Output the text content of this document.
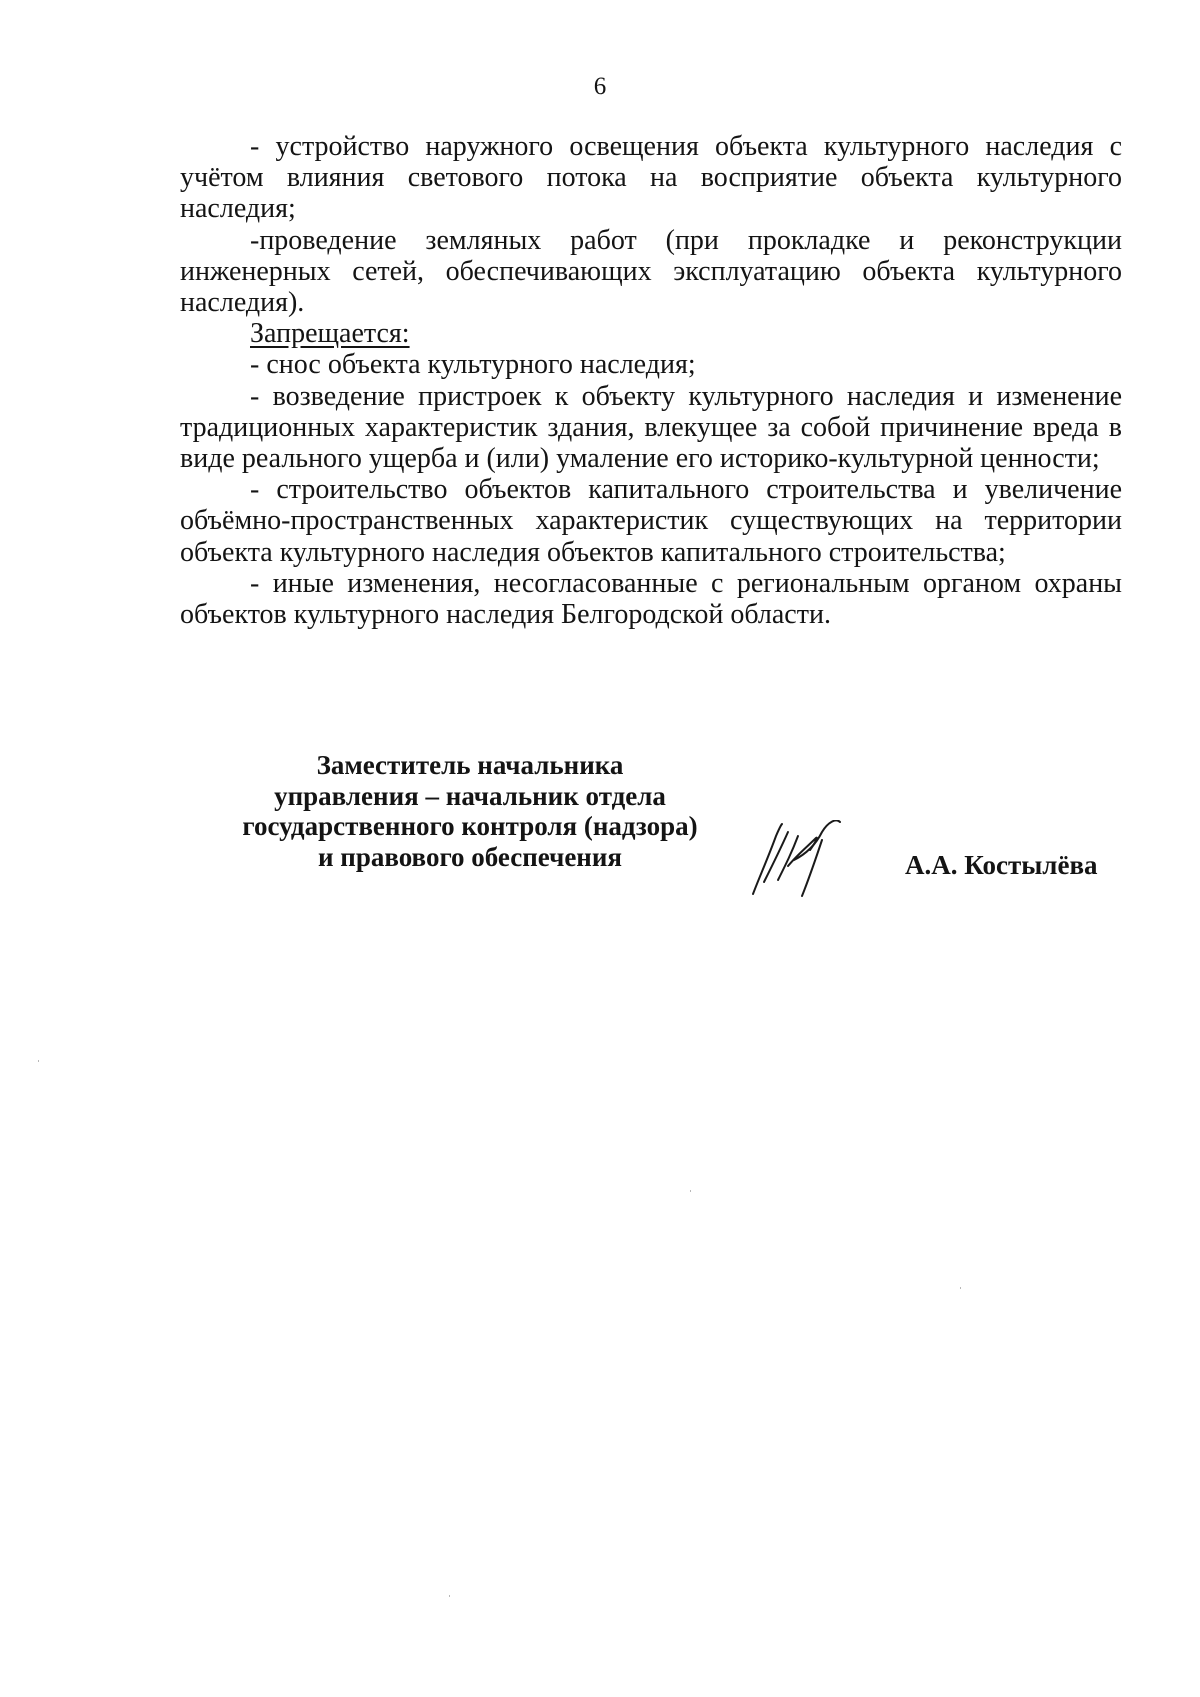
6

- устройство наружного освещения объекта культурного наследия с учётом влияния светового потока на восприятие объекта культурного наследия;

-проведение земляных работ (при прокладке и реконструкции инженерных сетей, обеспечивающих эксплуатацию объекта культурного наследия).

Запрещается:

- снос объекта культурного наследия;

- возведение пристроек к объекту культурного наследия и изменение традиционных характеристик здания, влекущее за собой причинение вреда в виде реального ущерба и (или) умаление его историко-культурной ценности;

- строительство объектов капитального строительства и увеличение объёмно-пространственных характеристик существующих на территории объекта культурного наследия объектов капитального строительства;

- иные изменения, несогласованные с региональным органом охраны объектов культурного наследия Белгородской области.

Заместитель начальника
управления – начальник отдела
государственного контроля (надзора)
и правового обеспечения	А.А. Костылёва
